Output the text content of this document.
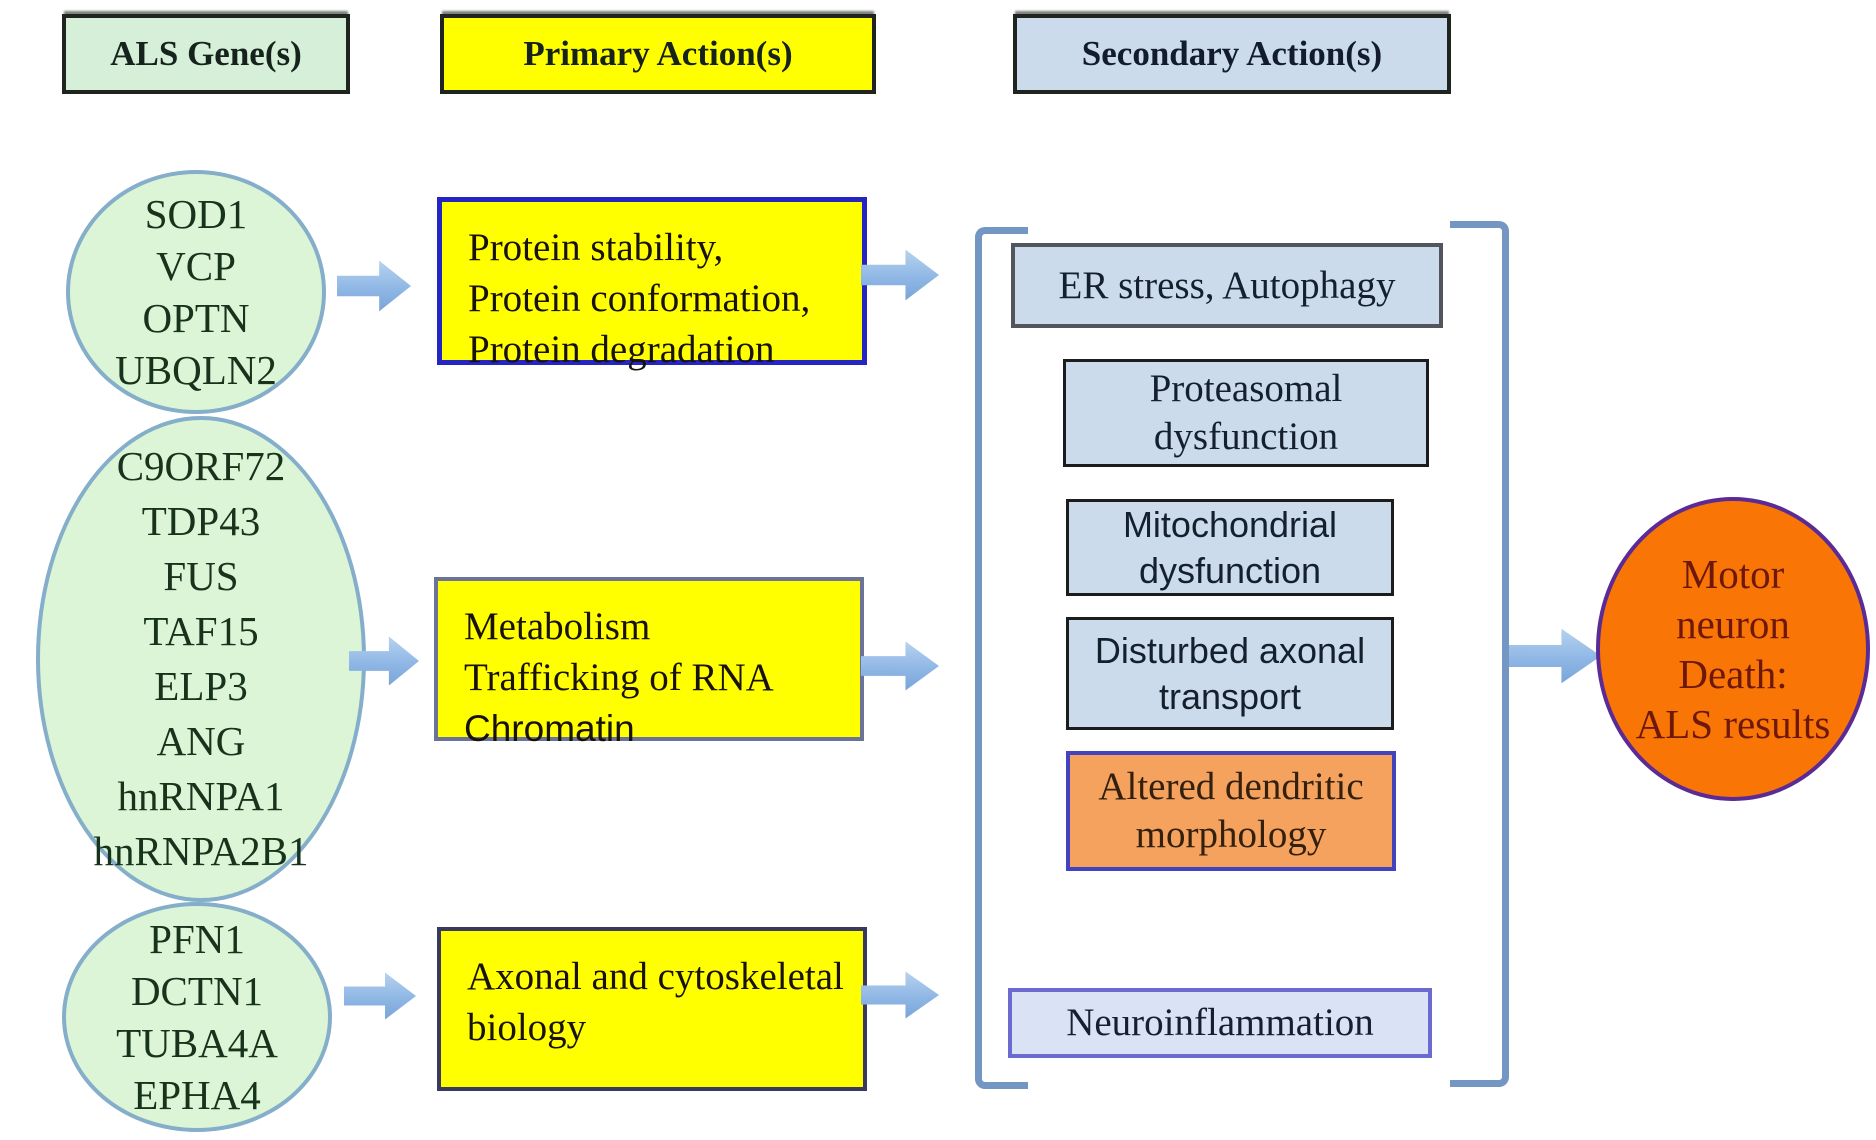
ALS Gene(s)	Primary Action(s)	Secondary Action(s)
SOD1
VCP
OPTN
UBQLN2
C9ORF72
TDP43
FUS
TAF15
ELP3
ANG
hnRNPA1
hnRNPA2B1
PFN1
DCTN1
TUBA4A
EPHA4
Protein stability,
Protein conformation,
Protein degradation
Metabolism
Trafficking of RNA
Chromatin
Axonal and cytoskeletal
biology
ER stress, Autophagy
Proteasomal
dysfunction
Mitochondrial
dysfunction
Disturbed axonal
transport
Altered dendritic
morphology
Neuroinflammation
Motor
neuron
Death:
ALS results
